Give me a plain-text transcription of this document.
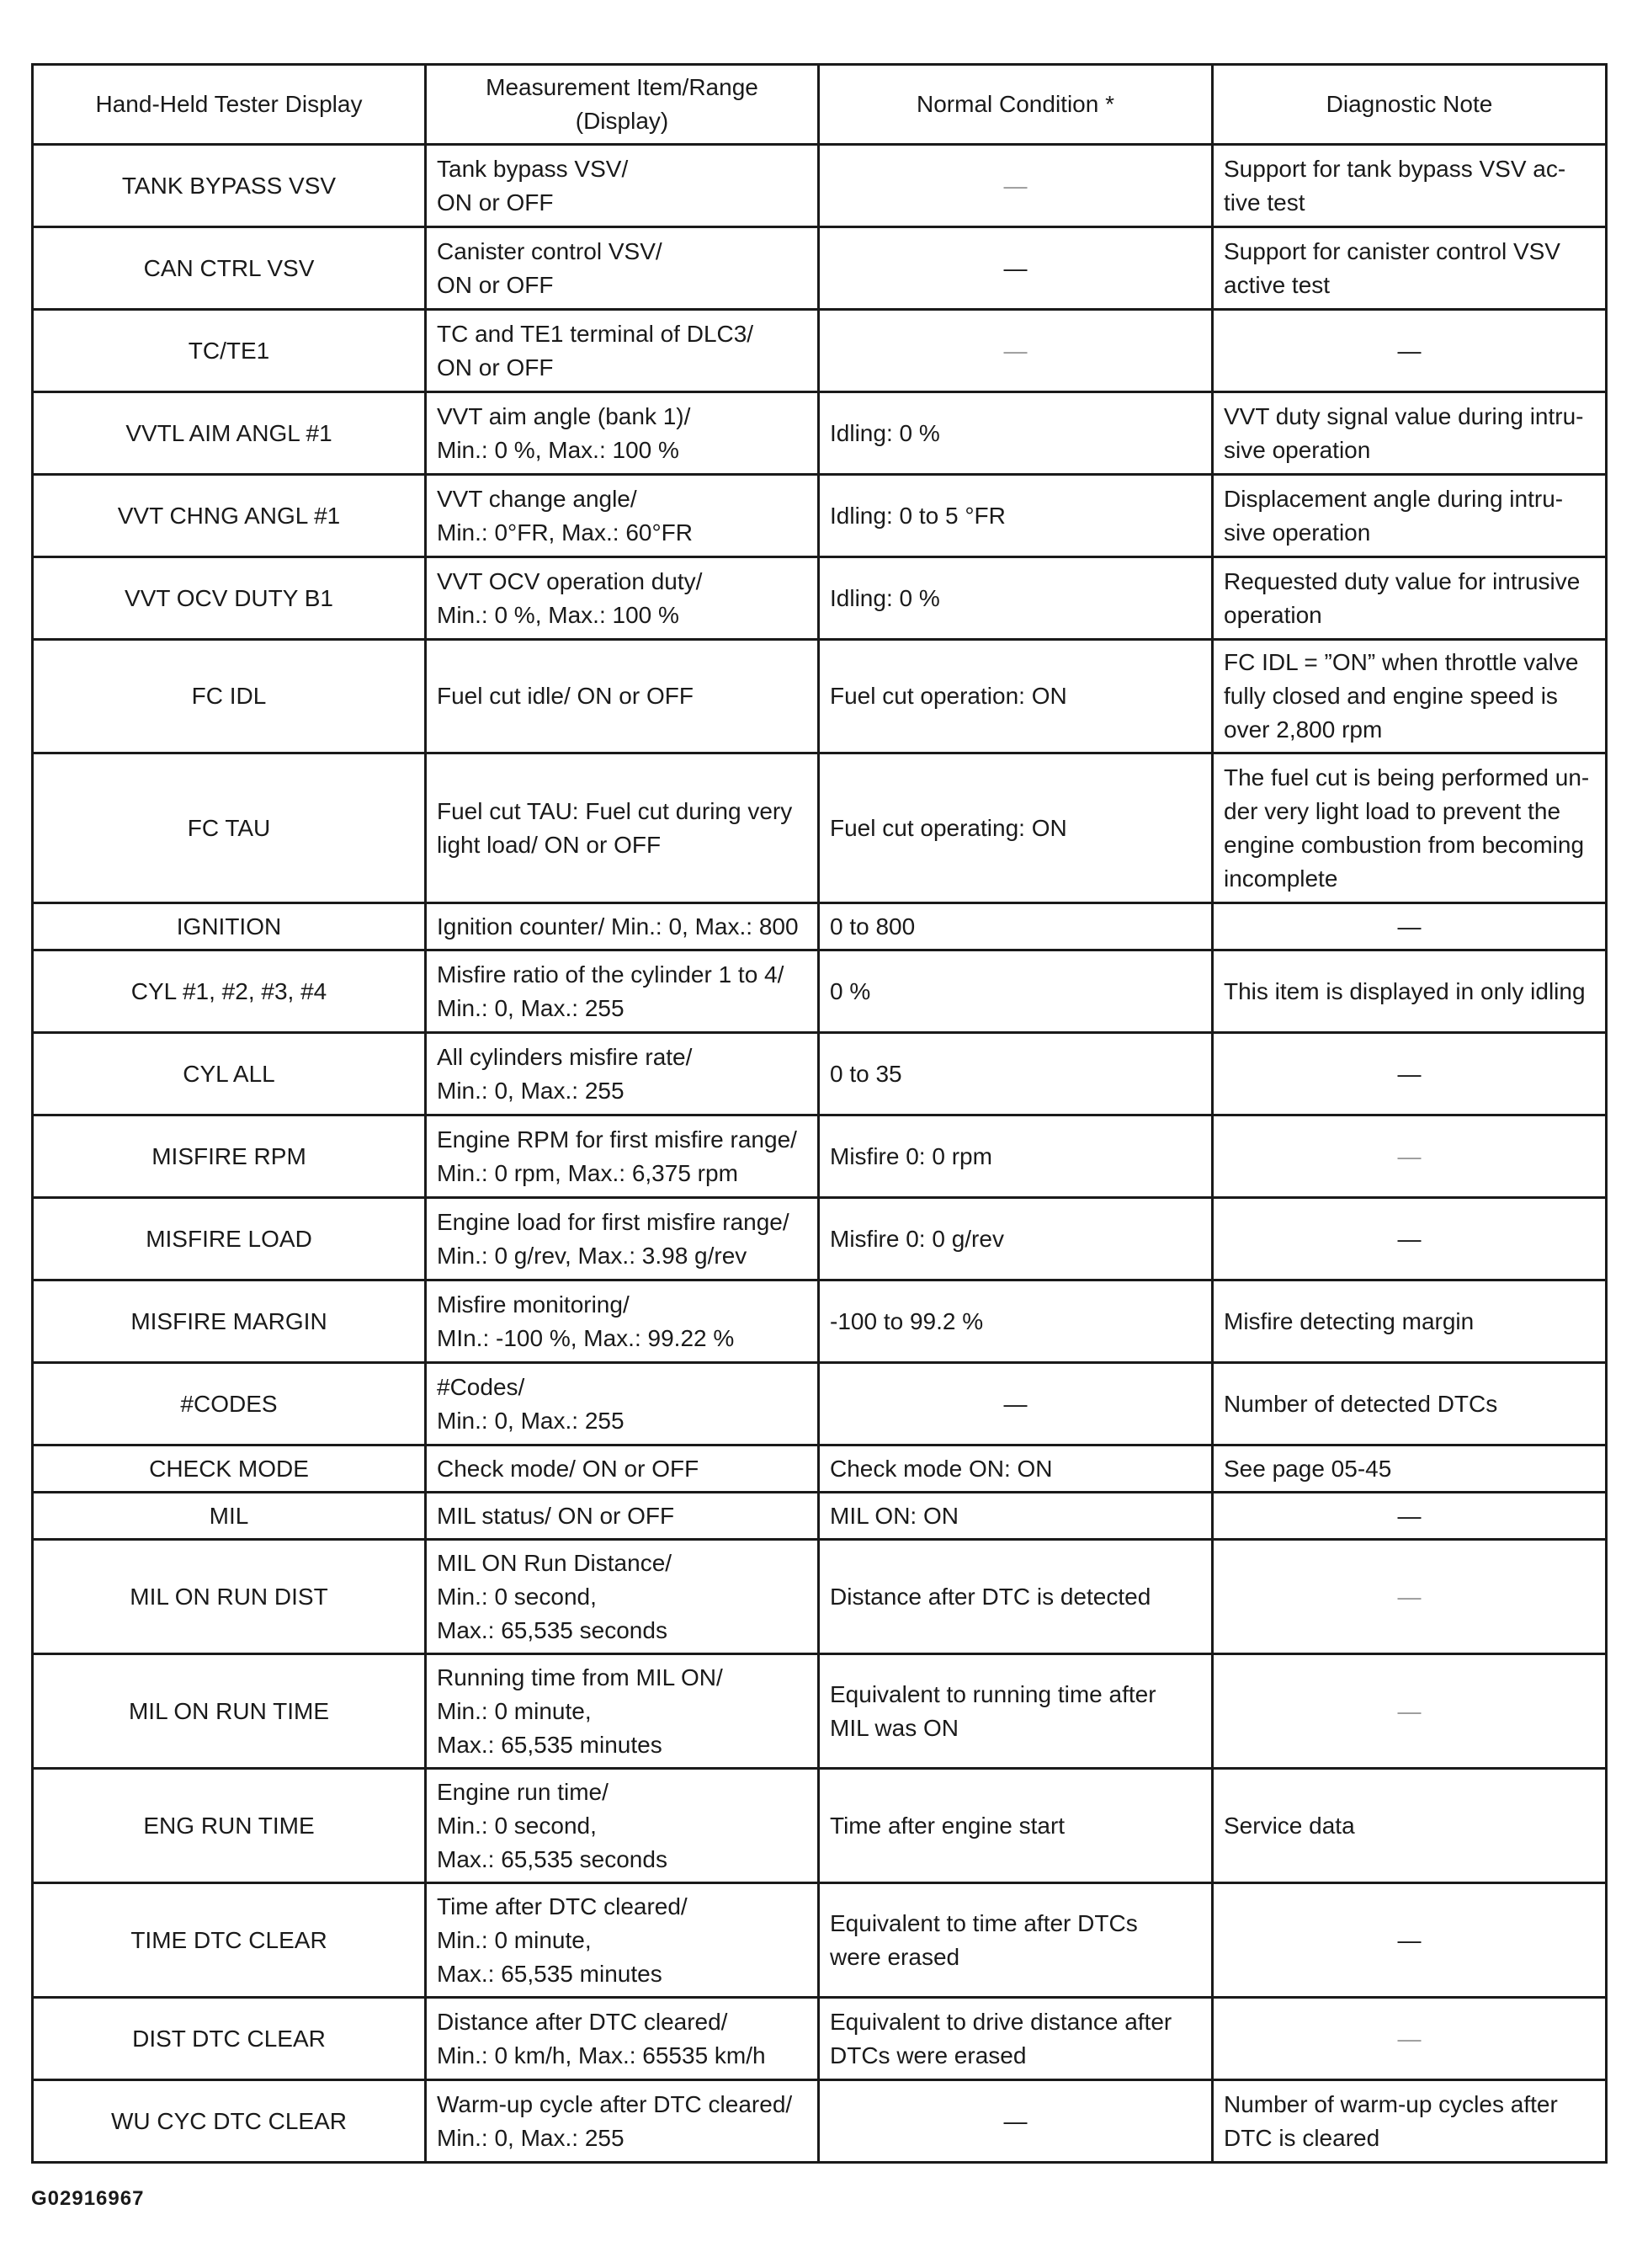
Hand-Held Tester Display	Measurement Item/Range
(Display)	Normal Condition *	Diagnostic Note
TANK BYPASS VSV	Tank bypass VSV/
ON or OFF	—	Support for tank bypass VSV ac-
tive test
CAN CTRL VSV	Canister control VSV/
ON or OFF	—	Support for canister control VSV
active test
TC/TE1	TC and TE1 terminal of DLC3/
ON or OFF	—	—
VVTL AIM ANGL #1	VVT aim angle (bank 1)/
Min.: 0 %, Max.: 100 %	Idling: 0 %	VVT duty signal value during intru-
sive operation
VVT CHNG ANGL #1	VVT change angle/
Min.: 0°FR, Max.: 60°FR	Idling: 0 to 5 °FR	Displacement angle during intru-
sive operation
VVT OCV DUTY B1	VVT OCV operation duty/
Min.: 0 %, Max.: 100 %	Idling: 0 %	Requested duty value for intrusive
operation
FC IDL	Fuel cut idle/ ON or OFF	Fuel cut operation: ON	FC IDL = ”ON” when throttle valve
fully closed and engine speed is
over 2,800 rpm
FC TAU	Fuel cut TAU: Fuel cut during very
light load/ ON or OFF	Fuel cut operating: ON	The fuel cut is being performed un-
der very light load to prevent the
engine combustion from becoming
incomplete
IGNITION	Ignition counter/ Min.: 0, Max.: 800	0 to 800	—
CYL #1, #2, #3, #4	Misfire ratio of the cylinder 1 to 4/
Min.: 0, Max.: 255	0 %	This item is displayed in only idling
CYL ALL	All cylinders misfire rate/
Min.: 0, Max.: 255	0 to 35	—
MISFIRE RPM	Engine RPM for first misfire range/
Min.: 0 rpm, Max.: 6,375 rpm	Misfire 0: 0 rpm	—
MISFIRE LOAD	Engine load for first misfire range/
Min.: 0 g/rev, Max.: 3.98 g/rev	Misfire 0: 0 g/rev	—
MISFIRE MARGIN	Misfire monitoring/
MIn.: -100 %, Max.: 99.22 %	-100 to 99.2 %	Misfire detecting margin
#CODES	#Codes/
Min.: 0, Max.: 255	—	Number of detected DTCs
CHECK MODE	Check mode/ ON or OFF	Check mode ON: ON	See page 05-45
MIL	MIL status/ ON or OFF	MIL ON: ON	—
MIL ON RUN DIST	MIL ON Run Distance/
Min.: 0 second,
Max.: 65,535 seconds	Distance after DTC is detected	—
MIL ON RUN TIME	Running time from MIL ON/
Min.: 0 minute,
Max.: 65,535 minutes	Equivalent to running time after
MIL was ON	—
ENG RUN TIME	Engine run time/
Min.: 0 second,
Max.: 65,535 seconds	Time after engine start	Service data
TIME DTC CLEAR	Time after DTC cleared/
Min.: 0 minute,
Max.: 65,535 minutes	Equivalent to time after DTCs
were erased	—
DIST DTC CLEAR	Distance after DTC cleared/
Min.: 0 km/h, Max.: 65535 km/h	Equivalent to drive distance after
DTCs were erased	—
WU CYC DTC CLEAR	Warm-up cycle after DTC cleared/
Min.: 0, Max.: 255	—	Number of warm-up cycles after
DTC is cleared
G02916967
